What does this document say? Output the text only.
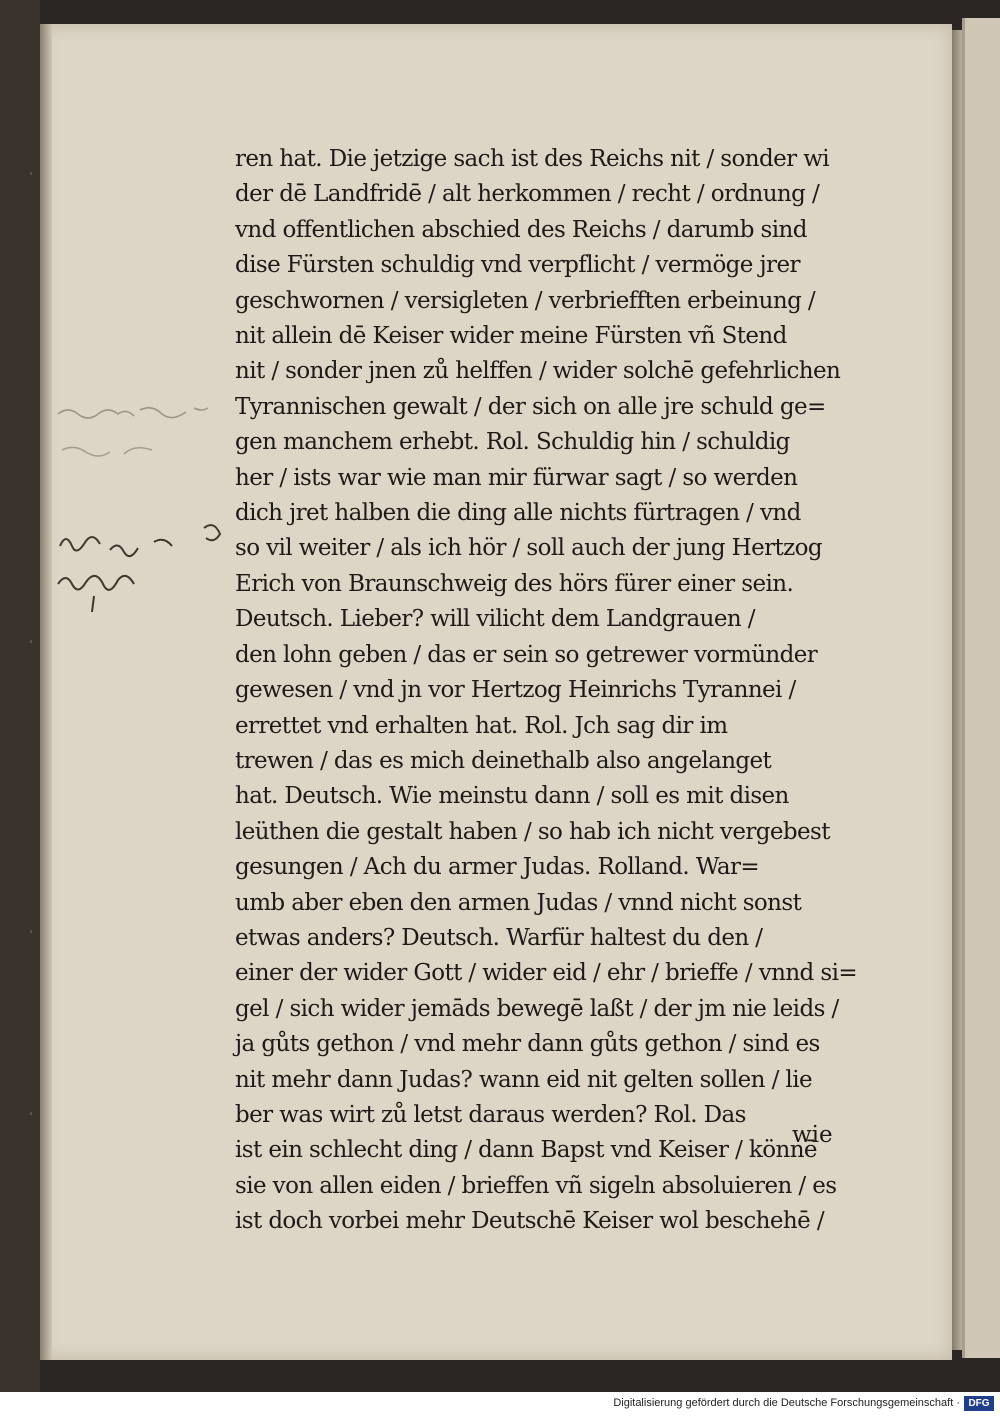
ren hat. Die jetzige sach ist des Reichs nit / sonder wi
der dē Landfridē / alt herkommen / recht / ordnung /
vnd offentlichen abschied des Reichs / darumb sind
dise Fürsten schuldig vnd verpflicht / vermöge jrer
geschwornen / versigleten / verbriefften erbeinung /
nit allein dē Keiser wider meine Fürsten vñ Stend
nit / sonder jnen zů helffen / wider solchē gefehrlichen
Tyrannischen gewalt / der sich on alle jre schuld ge=
gen manchem erhebt. Rol. Schuldig hin / schuldig
her / ists war wie man mir fürwar sagt / so werden
dich jret halben die ding alle nichts fürtragen / vnd
so vil weiter / als ich hör / soll auch der jung Hertzog
Erich von Braunschweig des hörs fürer einer sein.
Deutsch. Lieber? will vilicht dem Landgrauen /
den lohn geben / das er sein so getrewer vormünder
gewesen / vnd jn vor Hertzog Heinrichs Tyrannei /
errettet vnd erhalten hat. Rol. Jch sag dir im
trewen / das es mich deinethalb also angelanget
hat. Deutsch. Wie meinstu dann / soll es mit disen
leüthen die gestalt haben / so hab ich nicht vergebest
gesungen / Ach du armer Judas. Rolland. War=
umb aber eben den armen Judas / vnnd nicht sonst
etwas anders? Deutsch. Warfür haltest du den /
einer der wider Gott / wider eid / ehr / brieffe / vnnd si=
gel / sich wider jemāds bewegē laßt / der jm nie leids /
ja gůts gethon / vnd mehr dann gůts gethon / sind es
nit mehr dann Judas? wann eid nit gelten sollen / lie
ber was wirt zů letst daraus werden? Rol. Das
ist ein schlecht ding / dann Bapst vnd Keiser / könnē
sie von allen eiden / brieffen vñ sigeln absoluieren / es
ist doch vorbei mehr Deutschē Keiser wol beschehē /
wie
Digitalisierung gefördert durch die Deutsche Forschungsgemeinschaft · DFG
